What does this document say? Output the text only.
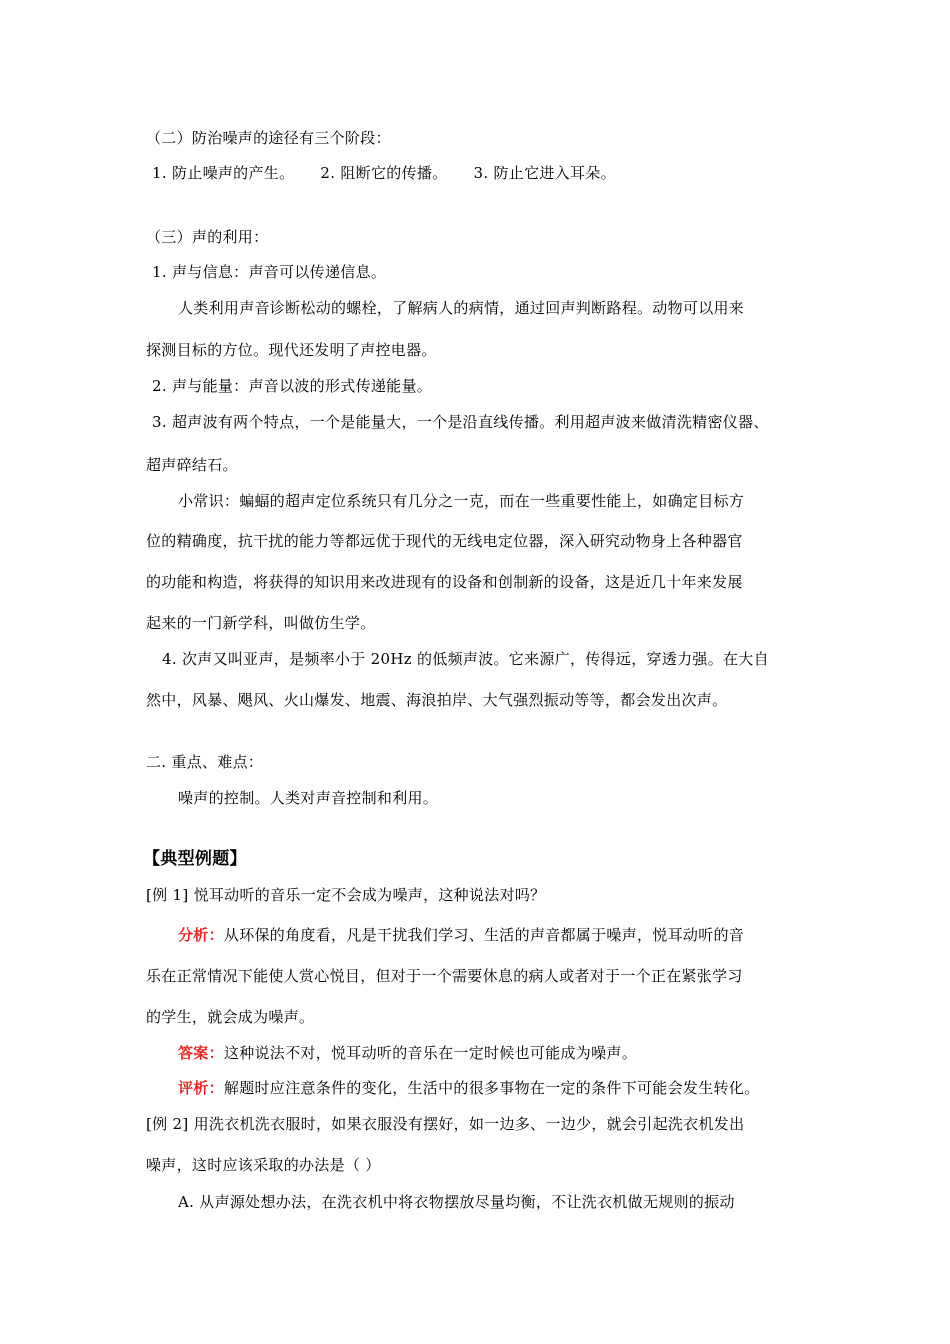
（二）防治噪声的途径有三个阶段：
1. 防止噪声的产生。 2. 阻断它的传播。 3. 防止它进入耳朵。
（三）声的利用：
1. 声与信息：声音可以传递信息。
人类利用声音诊断松动的螺栓，了解病人的病情，通过回声判断路程。动物可以用来
探测目标的方位。现代还发明了声控电器。
2. 声与能量：声音以波的形式传递能量。
3. 超声波有两个特点，一个是能量大，一个是沿直线传播。利用超声波来做清洗精密仪器、
超声碎结石。
小常识：蝙蝠的超声定位系统只有几分之一克，而在一些重要性能上，如确定目标方
位的精确度，抗干扰的能力等都远优于现代的无线电定位器，深入研究动物身上各种器官
的功能和构造，将获得的知识用来改进现有的设备和创制新的设备，这是近几十年来发展
起来的一门新学科，叫做仿生学。
4. 次声又叫亚声，是频率小于 20Hz 的低频声波。它来源广，传得远，穿透力强。在大自
然中，风暴、飓风、火山爆发、地震、海浪拍岸、大气强烈振动等等，都会发出次声。
二. 重点、难点：
噪声的控制。人类对声音控制和利用。
【典型例题】
[例 1] 悦耳动听的音乐一定不会成为噪声，这种说法对吗？
分析：从环保的角度看，凡是干扰我们学习、生活的声音都属于噪声，悦耳动听的音
乐在正常情况下能使人赏心悦目，但对于一个需要休息的病人或者对于一个正在紧张学习
的学生，就会成为噪声。
答案：这种说法不对，悦耳动听的音乐在一定时候也可能成为噪声。
评析：解题时应注意条件的变化，生活中的很多事物在一定的条件下可能会发生转化。
[例 2] 用洗衣机洗衣服时，如果衣服没有摆好，如一边多、一边少，就会引起洗衣机发出
噪声，这时应该采取的办法是（ ）
A. 从声源处想办法，在洗衣机中将衣物摆放尽量均衡，不让洗衣机做无规则的振动
